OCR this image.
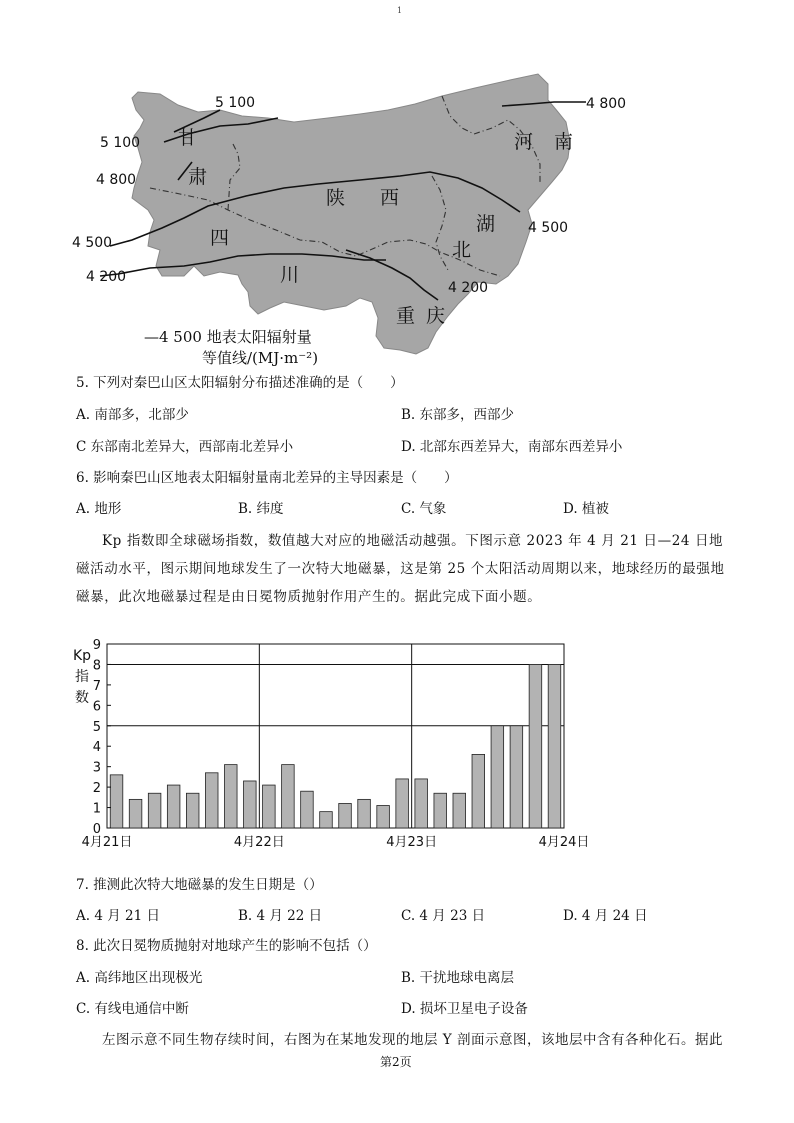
1
5 100
5 100
4 800
4 500
4 200
4 800
4 500
4 200
甘
肃
陕 西
四
川
河 南
湖
北
重 庆
—4 500 地表太阳辐射量
等值线/(MJ·m⁻²)
5. 下列对秦巴山区太阳辐射分布描述准确的是（　　）
A. 南部多，北部少	B. 东部多，西部少
C 东部南北差异大，西部南北差异小	D. 北部东西差异大，南部东西差异小
6. 影响秦巴山区地表太阳辐射量南北差异的主导因素是（　　）
A. 地形	B. 纬度	C. 气象	D. 植被
Kp 指数即全球磁场指数，数值越大对应的地磁活动越强。下图示意 2023 年 4 月 21 日—24 日地磁活动水平，图示期间地球发生了一次特大地磁暴，这是第 25 个太阳活动周期以来，地球经历的最强地磁暴，此次地磁暴过程是由日冕物质抛射作用产生的。据此完成下面小题。
0
1
2
3
4
5
6
7
8
9
4月21日	4月22日	4月23日	4月24日
Kp
指
数
7. 推测此次特大地磁暴的发生日期是（）
A. 4 月 21 日	B. 4 月 22 日	C. 4 月 23 日	D. 4 月 24 日
8. 此次日冕物质抛射对地球产生的影响不包括（）
A. 高纬地区出现极光	B. 干扰地球电离层
C. 有线电通信中断	D. 损坏卫星电子设备
左图示意不同生物存续时间，右图为在某地发现的地层 Y 剖面示意图，该地层中含有各种化石。据此
第2页
